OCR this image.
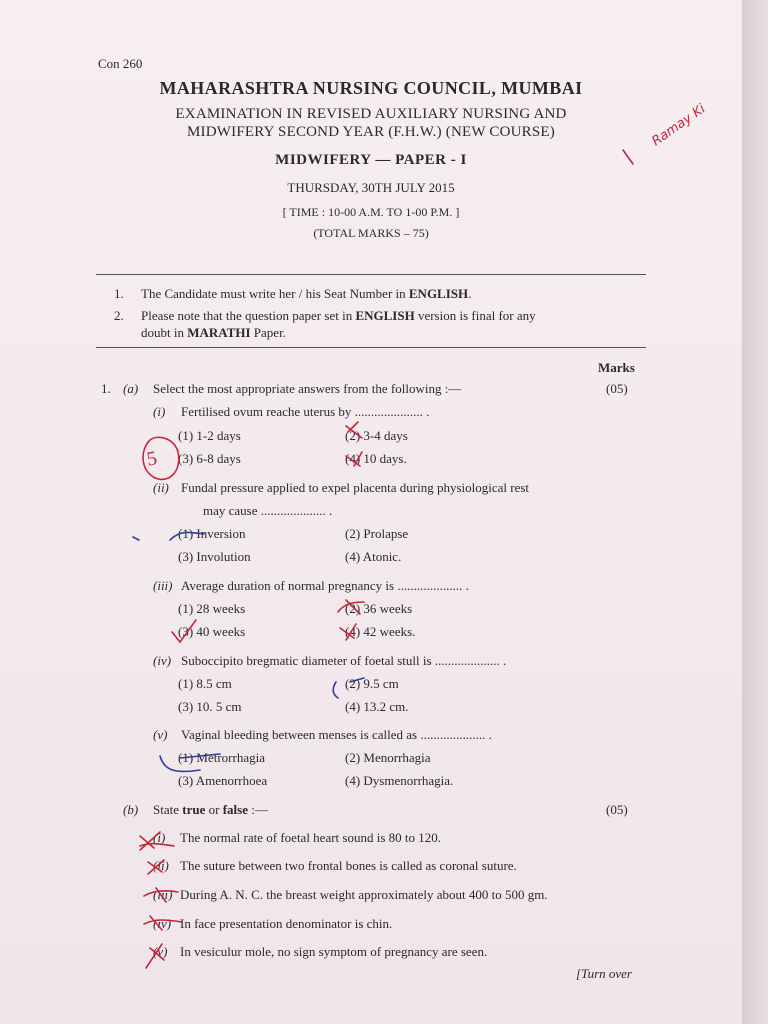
Con 260
MAHARASHTRA NURSING COUNCIL, MUMBAI
EXAMINATION IN REVISED AUXILIARY NURSING AND
MIDWIFERY SECOND YEAR (F.H.W.) (NEW COURSE)
MIDWIFERY — PAPER - I
THURSDAY, 30TH JULY 2015
[ TIME : 10-00 A.M. TO 1-00 P.M. ]
(TOTAL MARKS – 75)
1. The Candidate must write her / his Seat Number in ENGLISH.
2. Please note that the question paper set in ENGLISH version is final for any
doubt in MARATHI Paper.
Marks
1. (a) Select the most appropriate answers from the following :—	(05)
(i) Fertilised ovum reache uterus by ..................... .
(1) 1-2 days	(2) 3-4 days
(3) 6-8 days	(4) 10 days.
(ii) Fundal pressure applied to expel placenta during physiological rest
may cause .................... .
(1) Inversion	(2) Prolapse
(3) Involution	(4) Atonic.
(iii) Average duration of normal pregnancy is .................... .
(1) 28 weeks	(2) 36 weeks
(3) 40 weeks	(4) 42 weeks.
(iv) Suboccipito bregmatic diameter of foetal stull is .................... .
(1) 8.5 cm	(2) 9.5 cm
(3) 10. 5 cm	(4) 13.2 cm.
(v) Vaginal bleeding between menses is called as .................... .
(1) Metrorrhagia	(2) Menorrhagia
(3) Amenorrhoea	(4) Dysmenorrhagia.
(b) State true or false :—	(05)
(i) The normal rate of foetal heart sound is 80 to 120.
(ii) The suture between two frontal bones is called as coronal suture.
(iii) During A. N. C. the breast weight approximately about 400 to 500 gm.
(iv) In face presentation denominator is chin.
(v) In vesiculur mole, no sign symptom of pregnancy are seen.
[Turn over
Ramay Ki
5
